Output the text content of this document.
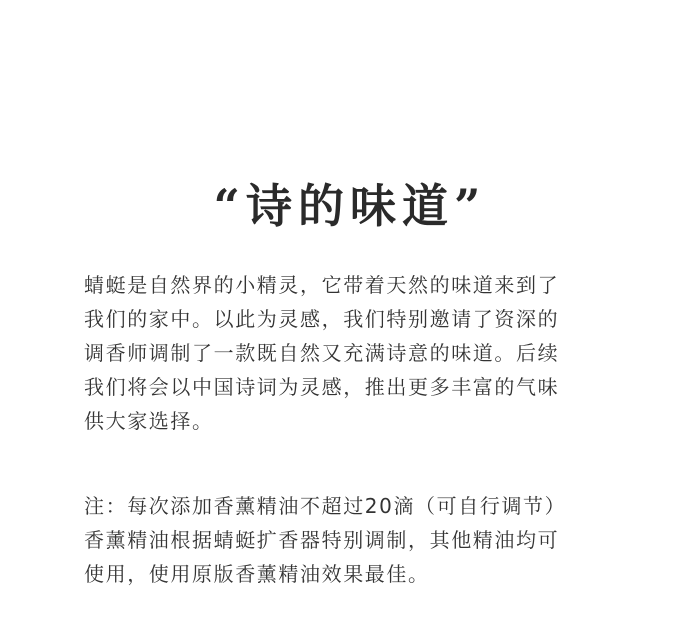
“诗的味道”

蜻蜓是自然界的小精灵，它带着天然的味道来到了
我们的家中。以此为灵感，我们特别邀请了资深的
调香师调制了一款既自然又充满诗意的味道。后续
我们将会以中国诗词为灵感，推出更多丰富的气味
供大家选择。

注：每次添加香薰精油不超过20滴（可自行调节）
香薰精油根据蜻蜓扩香器特别调制，其他精油均可
使用，使用原版香薰精油效果最佳。
